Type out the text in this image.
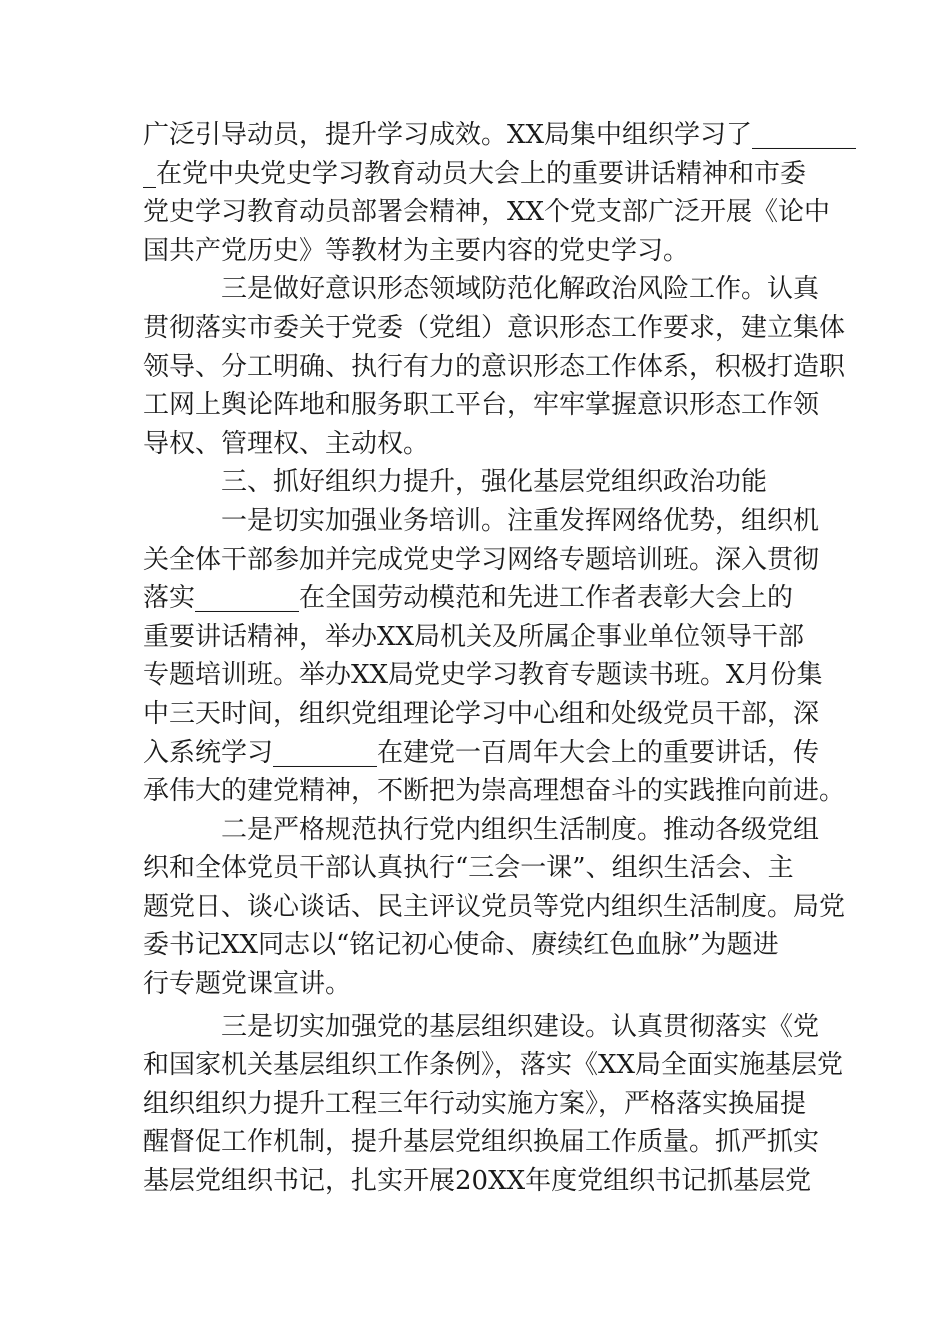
广泛引导动员，提升学习成效。XX局集中组织学习了________
_在党中央党史学习教育动员大会上的重要讲话精神和市委
党史学习教育动员部署会精神，XX个党支部广泛开展《论中
国共产党历史》等教材为主要内容的党史学习。
三是做好意识形态领域防范化解政治风险工作。认真
贯彻落实市委关于党委（党组）意识形态工作要求，建立集体
领导、分工明确、执行有力的意识形态工作体系，积极打造职
工网上舆论阵地和服务职工平台，牢牢掌握意识形态工作领
导权、管理权、主动权。
三、抓好组织力提升，强化基层党组织政治功能
一是切实加强业务培训。注重发挥网络优势，组织机
关全体干部参加并完成党史学习网络专题培训班。深入贯彻
落实________在全国劳动模范和先进工作者表彰大会上的
重要讲话精神，举办XX局机关及所属企事业单位领导干部
专题培训班。举办XX局党史学习教育专题读书班。X月份集
中三天时间，组织党组理论学习中心组和处级党员干部，深
入系统学习________在建党一百周年大会上的重要讲话，传
承伟大的建党精神，不断把为崇高理想奋斗的实践推向前进。
二是严格规范执行党内组织生活制度。推动各级党组
织和全体党员干部认真执行“三会一课”、组织生活会、主
题党日、谈心谈话、民主评议党员等党内组织生活制度。局党
委书记XX同志以“铭记初心使命、赓续红色血脉”为题进
行专题党课宣讲。
三是切实加强党的基层组织建设。认真贯彻落实《党
和国家机关基层组织工作条例》，落实《XX局全面实施基层党
组织组织力提升工程三年行动实施方案》，严格落实换届提
醒督促工作机制，提升基层党组织换届工作质量。抓严抓实
基层党组织书记，扎实开展20XX年度党组织书记抓基层党
